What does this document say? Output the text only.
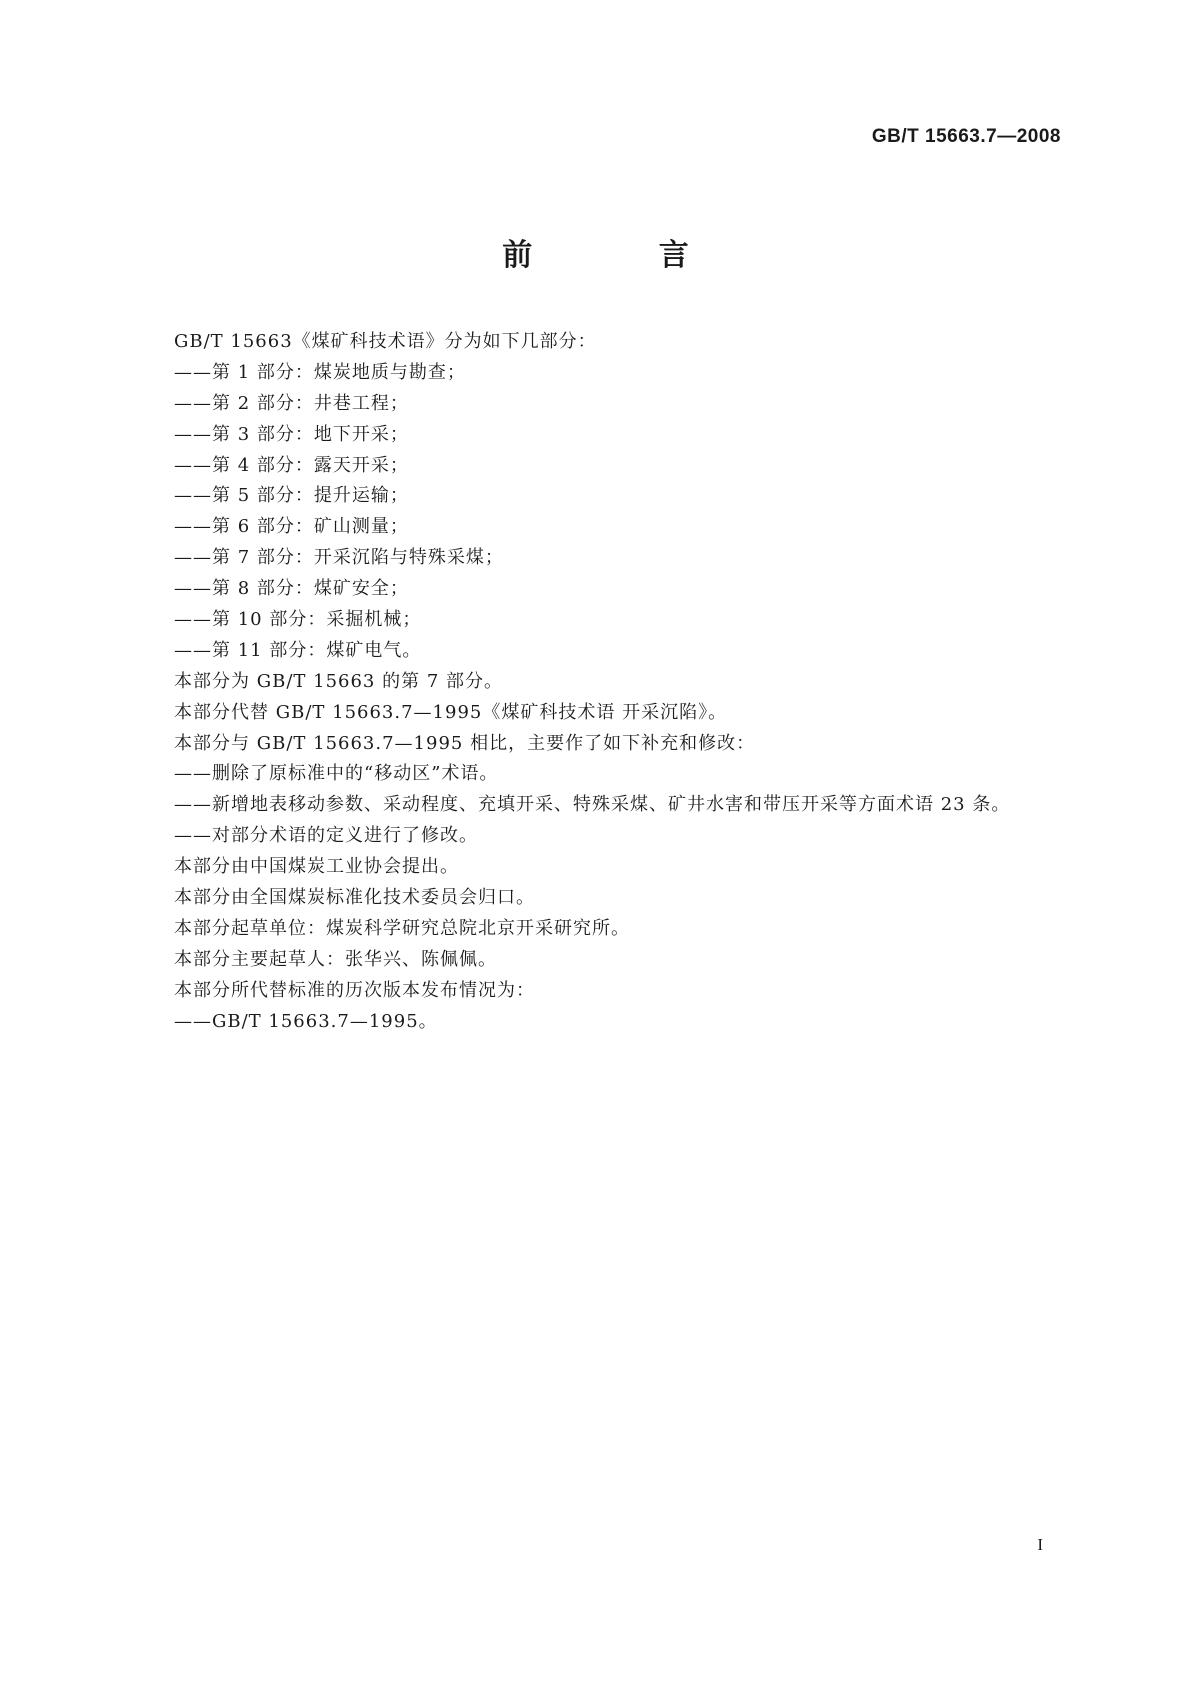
GB/T 15663.7—2008
前 言
GB/T 15663《煤矿科技术语》分为如下几部分：
——第 1 部分：煤炭地质与勘查；
——第 2 部分：井巷工程；
——第 3 部分：地下开采；
——第 4 部分：露天开采；
——第 5 部分：提升运输；
——第 6 部分：矿山测量；
——第 7 部分：开采沉陷与特殊采煤；
——第 8 部分：煤矿安全；
——第 10 部分：采掘机械；
——第 11 部分：煤矿电气。
本部分为 GB/T 15663 的第 7 部分。
本部分代替 GB/T 15663.7—1995《煤矿科技术语 开采沉陷》。
本部分与 GB/T 15663.7—1995 相比，主要作了如下补充和修改：
——删除了原标准中的“移动区”术语。
——新增地表移动参数、采动程度、充填开采、特殊采煤、矿井水害和带压开采等方面术语 23 条。
——对部分术语的定义进行了修改。
本部分由中国煤炭工业协会提出。
本部分由全国煤炭标准化技术委员会归口。
本部分起草单位：煤炭科学研究总院北京开采研究所。
本部分主要起草人：张华兴、陈佩佩。
本部分所代替标准的历次版本发布情况为：
——GB/T 15663.7—1995。
I
